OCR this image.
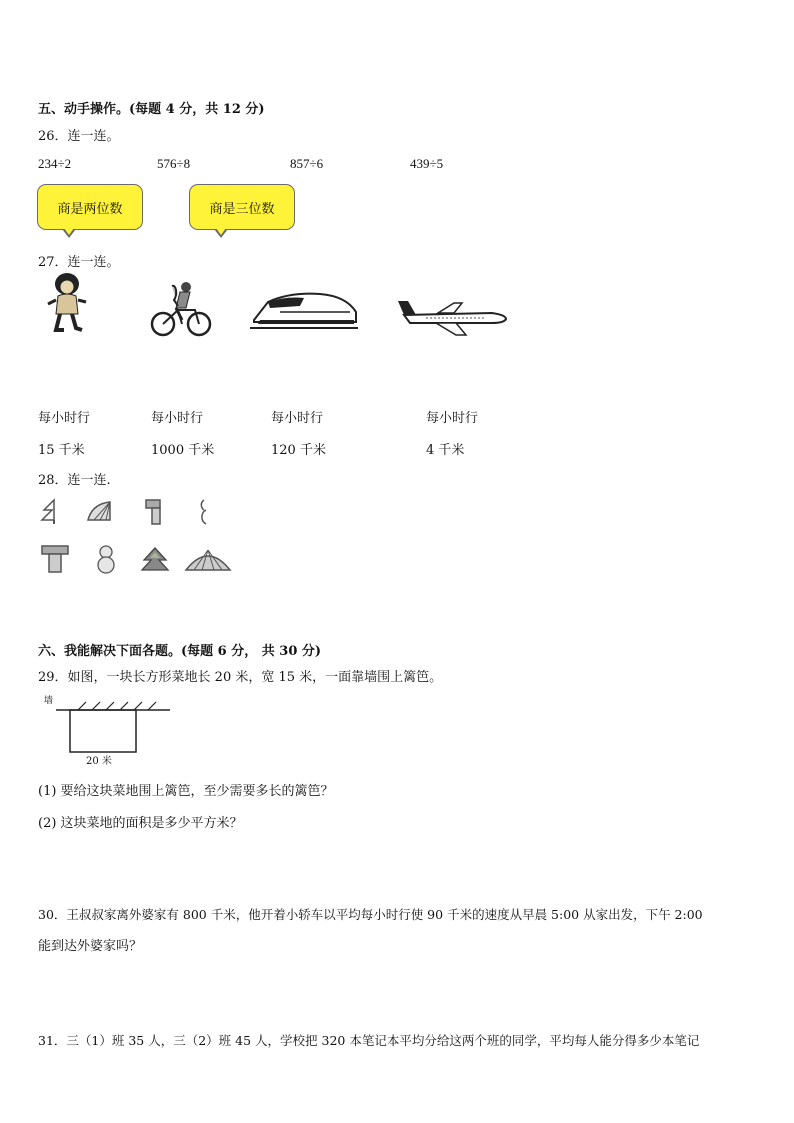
五、动手操作。(每题 4 分，共 12 分)
26．连一连。
234÷2	576÷8	857÷6	439÷5
商是两位数	商是三位数
27．连一连。
每小时行	每小时行	每小时行	每小时行
15 千米	1000 千米	120 千米	4 千米
28．连一连.
六、我能解决下面各题。(每题 6 分， 共 30 分)
29．如图，一块长方形菜地长 20 米，宽 15 米，一面靠墙围上篱笆。
墙
20 米
(1) 要给这块菜地围上篱笆，至少需要多长的篱笆？
(2) 这块菜地的面积是多少平方米？
30．王叔叔家离外婆家有 800 千米，他开着小轿车以平均每小时行使 90 千米的速度从早晨 5:00 从家出发，下午 2:00
能到达外婆家吗？
31．三（1）班 35 人，三（2）班 45 人，学校把 320 本笔记本平均分给这两个班的同学，平均每人能分得多少本笔记
